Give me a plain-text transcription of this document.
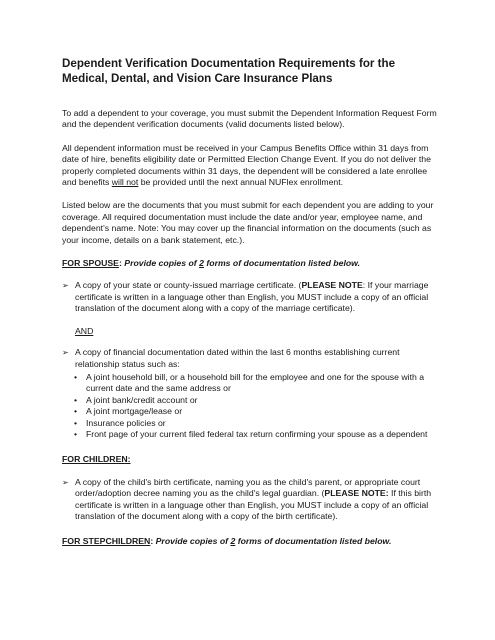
Dependent Verification Documentation Requirements for the Medical, Dental, and Vision Care Insurance Plans

To add a dependent to your coverage, you must submit the Dependent Information Request Form and the dependent verification documents (valid documents listed below).

All dependent information must be received in your Campus Benefits Office within 31 days from date of hire, benefits eligibility date or Permitted Election Change Event. If you do not deliver the properly completed documents within 31 days, the dependent will be considered a late enrollee and benefits will not be provided until the next annual NUFlex enrollment.

Listed below are the documents that you must submit for each dependent you are adding to your coverage. All required documentation must include the date and/or year, employee name, and dependent's name. Note: You may cover up the financial information on the documents (such as your income, details on a bank statement, etc.).

FOR SPOUSE: Provide copies of 2 forms of documentation listed below.
➢ A copy of your state or county-issued marriage certificate. (PLEASE NOTE: If your marriage certificate is written in a language other than English, you MUST include a copy of an official translation of the document along with a copy of the marriage certificate).
AND
➢ A copy of financial documentation dated within the last 6 months establishing current relationship status such as:
• A joint household bill, or a household bill for the employee and one for the spouse with a current date and the same address or
• A joint bank/credit account or
• A joint mortgage/lease or
• Insurance policies or
• Front page of your current filed federal tax return confirming your spouse as a dependent
FOR CHILDREN:
➢ A copy of the child's birth certificate, naming you as the child's parent, or appropriate court order/adoption decree naming you as the child's legal guardian. (PLEASE NOTE: If this birth certificate is written in a language other than English, you MUST include a copy of an official translation of the document along with a copy of the birth certificate).
FOR STEPCHILDREN: Provide copies of 2 forms of documentation listed below.
